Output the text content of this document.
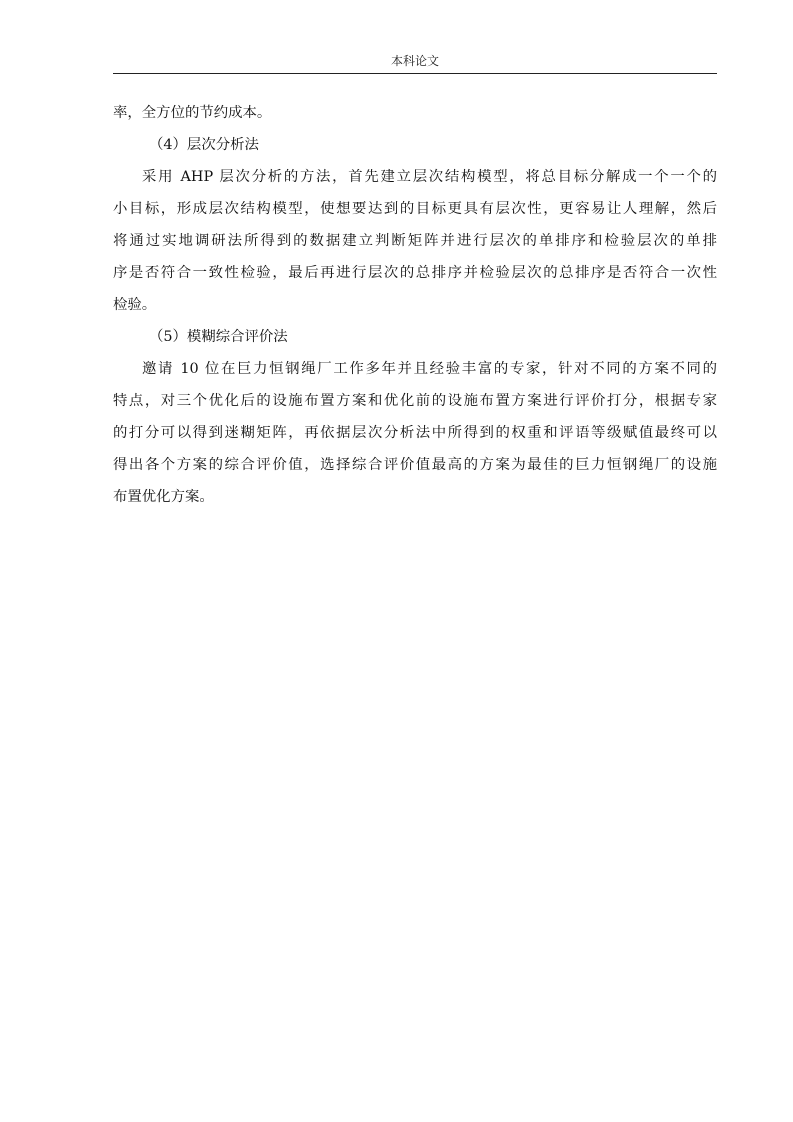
本科论文
率，全方位的节约成本。
（4）层次分析法
采用 AHP 层次分析的方法，首先建立层次结构模型，将总目标分解成一个一个的
小目标，形成层次结构模型，使想要达到的目标更具有层次性，更容易让人理解，然后
将通过实地调研法所得到的数据建立判断矩阵并进行层次的单排序和检验层次的单排
序是否符合一致性检验，最后再进行层次的总排序并检验层次的总排序是否符合一次性
检验。
（5）模糊综合评价法
邀请 10 位在巨力恒钢绳厂工作多年并且经验丰富的专家，针对不同的方案不同的
特点，对三个优化后的设施布置方案和优化前的设施布置方案进行评价打分，根据专家
的打分可以得到迷糊矩阵，再依据层次分析法中所得到的权重和评语等级赋值最终可以
得出各个方案的综合评价值，选择综合评价值最高的方案为最佳的巨力恒钢绳厂的设施
布置优化方案。
